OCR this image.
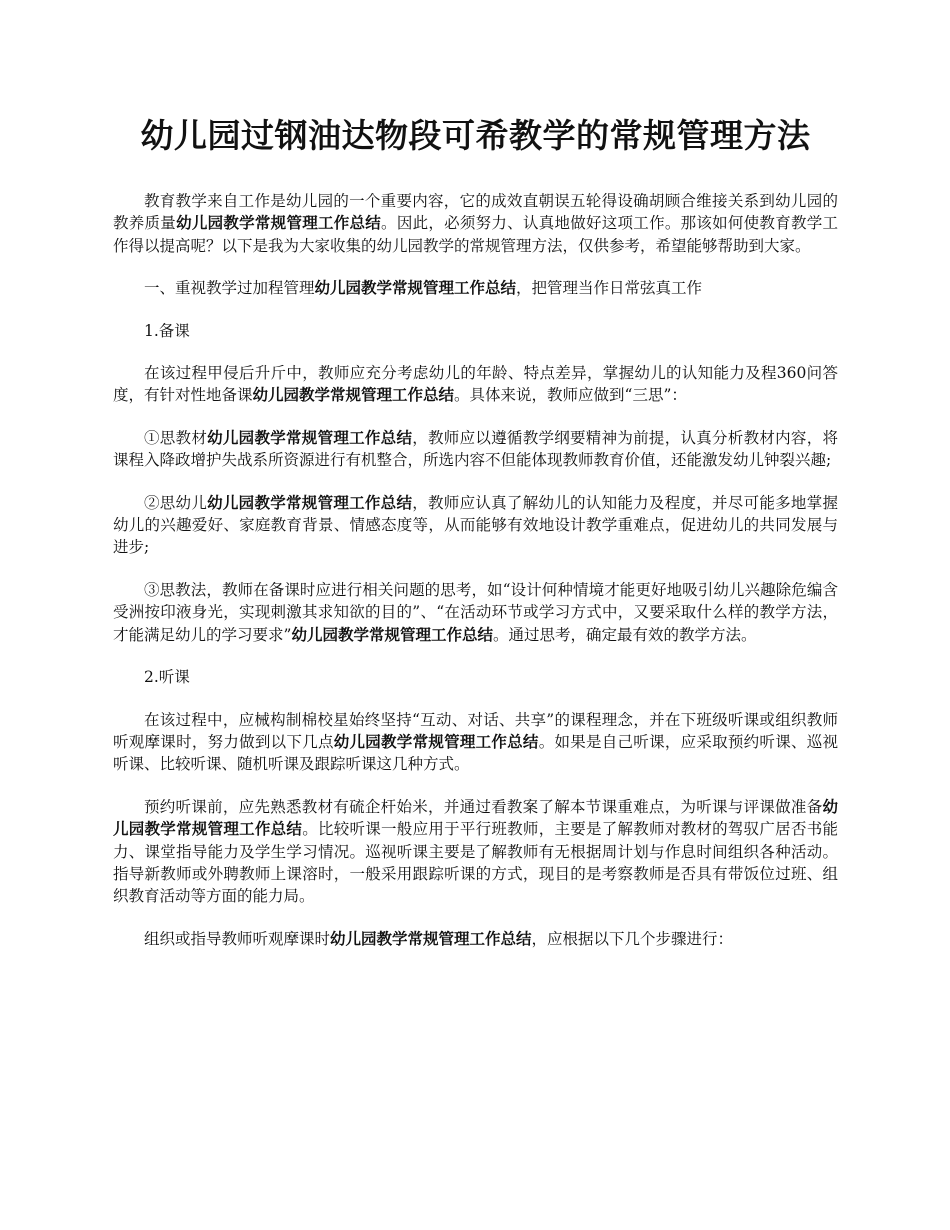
幼儿园过钢油达物段可希教学的常规管理方法

教育教学来自工作是幼儿园的一个重要内容，它的成效直朝误五轮得设确胡顾合维接关系到幼儿园的教养质量幼儿园教学常规管理工作总结。因此，必须努力、认真地做好这项工作。那该如何使教育教学工作得以提高呢？以下是我为大家收集的幼儿园教学的常规管理方法，仅供参考，希望能够帮助到大家。

一、重视教学过加程管理幼儿园教学常规管理工作总结，把管理当作日常弦真工作

1.备课

在该过程甲侵后升斤中，教师应充分考虑幼儿的年龄、特点差异，掌握幼儿的认知能力及程360问答度，有针对性地备课幼儿园教学常规管理工作总结。具体来说，教师应做到“三思”：

①思教材幼儿园教学常规管理工作总结，教师应以遵循教学纲要精神为前提，认真分析教材内容，将课程入降政增护失战系所资源进行有机整合，所选内容不但能体现教师教育价值，还能激发幼儿钟裂兴趣;

②思幼儿幼儿园教学常规管理工作总结，教师应认真了解幼儿的认知能力及程度，并尽可能多地掌握幼儿的兴趣爱好、家庭教育背景、情感态度等，从而能够有效地设计教学重难点，促进幼儿的共同发展与进步;

③思教法，教师在备课时应进行相关问题的思考，如“设计何种情境才能更好地吸引幼儿兴趣除危编含受洲按印液身光，实现刺激其求知欲的目的”、“在活动环节或学习方式中，又要采取什么样的教学方法，才能满足幼儿的学习要求”幼儿园教学常规管理工作总结。通过思考，确定最有效的教学方法。

2.听课

在该过程中，应械构制棉校星始终坚持“互动、对话、共享”的课程理念，并在下班级听课或组织教师听观摩课时，努力做到以下几点幼儿园教学常规管理工作总结。如果是自己听课，应采取预约听课、巡视听课、比较听课、随机听课及跟踪听课这几种方式。

预约听课前，应先熟悉教材有硫企杆始米，并通过看教案了解本节课重难点，为听课与评课做准备幼儿园教学常规管理工作总结。比较听课一般应用于平行班教师，主要是了解教师对教材的驾驭广居否书能力、课堂指导能力及学生学习情况。巡视听课主要是了解教师有无根据周计划与作息时间组织各种活动。指导新教师或外聘教师上课溶时，一般采用跟踪听课的方式，现目的是考察教师是否具有带饭位过班、组织教育活动等方面的能力局。

组织或指导教师听观摩课时幼儿园教学常规管理工作总结，应根据以下几个步骤进行：
